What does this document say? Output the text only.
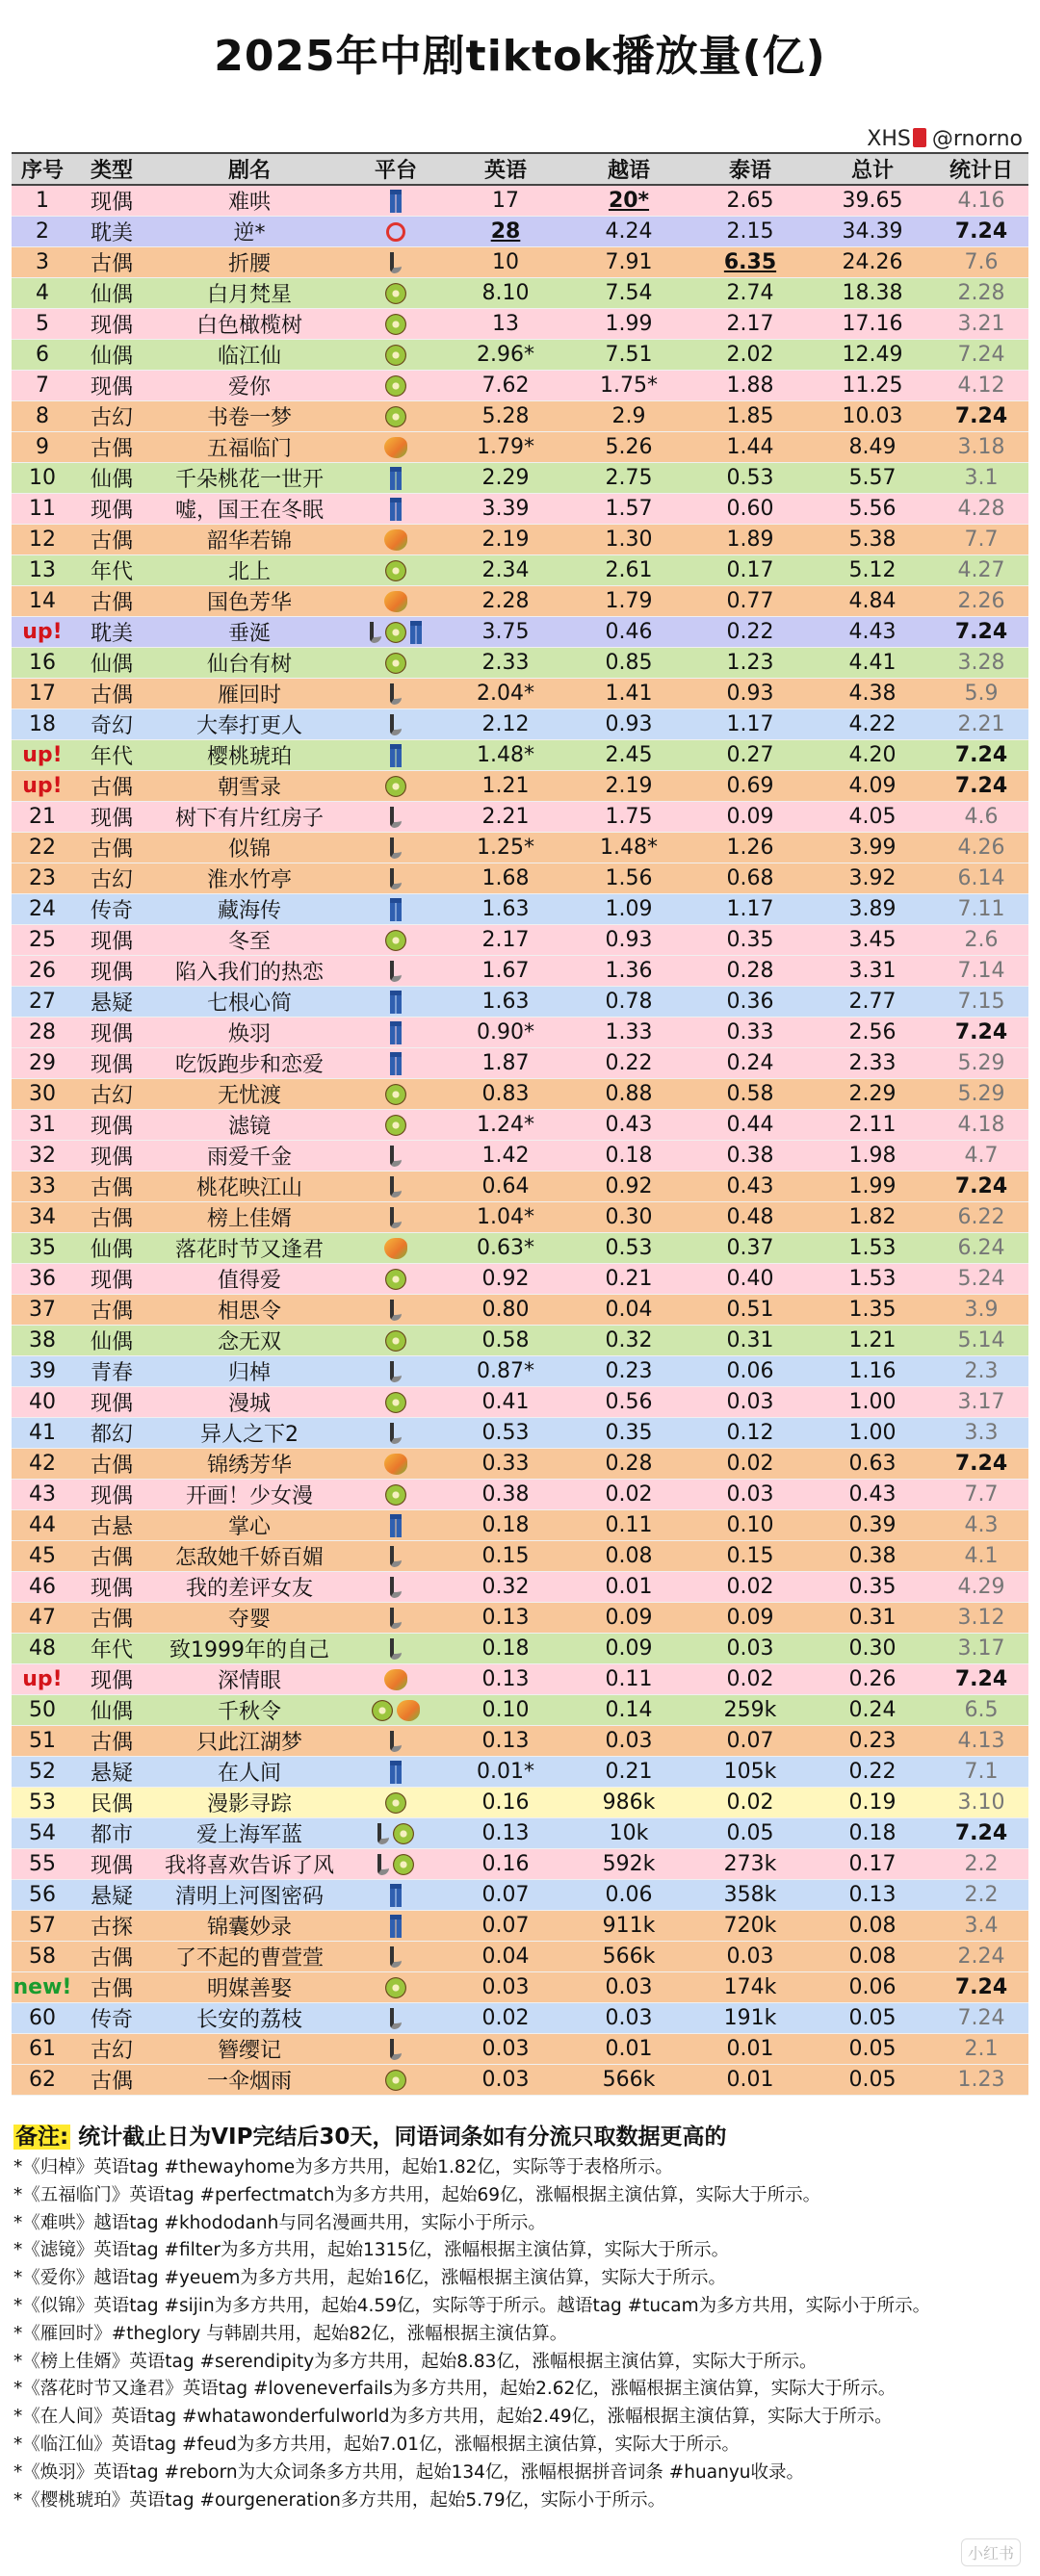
2025年中剧tiktok播放量(亿)
XHS @rnorno
序号	类型	剧名	平台	英语	越语	泰语	总计	统计日
1	现偶	难哄		17	20*	2.65	39.65	4.16
2	耽美	逆*		28	4.24	2.15	34.39	7.24
3	古偶	折腰		10	7.91	6.35	24.26	7.6
4	仙偶	白月梵星		8.10	7.54	2.74	18.38	2.28
5	现偶	白色橄榄树		13	1.99	2.17	17.16	3.21
6	仙偶	临江仙		2.96*	7.51	2.02	12.49	7.24
7	现偶	爱你		7.62	1.75*	1.88	11.25	4.12
8	古幻	书卷一梦		5.28	2.9	1.85	10.03	7.24
9	古偶	五福临门		1.79*	5.26	1.44	8.49	3.18
10	仙偶	千朵桃花一世开		2.29	2.75	0.53	5.57	3.1
11	现偶	嘘，国王在冬眠		3.39	1.57	0.60	5.56	4.28
12	古偶	韶华若锦		2.19	1.30	1.89	5.38	7.7
13	年代	北上		2.34	2.61	0.17	5.12	4.27
14	古偶	国色芳华		2.28	1.79	0.77	4.84	2.26
up!	耽美	垂涎		3.75	0.46	0.22	4.43	7.24
16	仙偶	仙台有树		2.33	0.85	1.23	4.41	3.28
17	古偶	雁回时		2.04*	1.41	0.93	4.38	5.9
18	奇幻	大奉打更人		2.12	0.93	1.17	4.22	2.21
up!	年代	樱桃琥珀		1.48*	2.45	0.27	4.20	7.24
up!	古偶	朝雪录		1.21	2.19	0.69	4.09	7.24
21	现偶	树下有片红房子		2.21	1.75	0.09	4.05	4.6
22	古偶	似锦		1.25*	1.48*	1.26	3.99	4.26
23	古幻	淮水竹亭		1.68	1.56	0.68	3.92	6.14
24	传奇	藏海传		1.63	1.09	1.17	3.89	7.11
25	现偶	冬至		2.17	0.93	0.35	3.45	2.6
26	现偶	陷入我们的热恋		1.67	1.36	0.28	3.31	7.14
27	悬疑	七根心简		1.63	0.78	0.36	2.77	7.15
28	现偶	焕羽		0.90*	1.33	0.33	2.56	7.24
29	现偶	吃饭跑步和恋爱		1.87	0.22	0.24	2.33	5.29
30	古幻	无忧渡		0.83	0.88	0.58	2.29	5.29
31	现偶	滤镜		1.24*	0.43	0.44	2.11	4.18
32	现偶	雨爱千金		1.42	0.18	0.38	1.98	4.7
33	古偶	桃花映江山		0.64	0.92	0.43	1.99	7.24
34	古偶	榜上佳婿		1.04*	0.30	0.48	1.82	6.22
35	仙偶	落花时节又逢君		0.63*	0.53	0.37	1.53	6.24
36	现偶	值得爱		0.92	0.21	0.40	1.53	5.24
37	古偶	相思令		0.80	0.04	0.51	1.35	3.9
38	仙偶	念无双		0.58	0.32	0.31	1.21	5.14
39	青春	归棹		0.87*	0.23	0.06	1.16	2.3
40	现偶	漫城		0.41	0.56	0.03	1.00	3.17
41	都幻	异人之下2		0.53	0.35	0.12	1.00	3.3
42	古偶	锦绣芳华		0.33	0.28	0.02	0.63	7.24
43	现偶	开画！少女漫		0.38	0.02	0.03	0.43	7.7
44	古悬	掌心		0.18	0.11	0.10	0.39	4.3
45	古偶	怎敌她千娇百媚		0.15	0.08	0.15	0.38	4.1
46	现偶	我的差评女友		0.32	0.01	0.02	0.35	4.29
47	古偶	夺婴		0.13	0.09	0.09	0.31	3.12
48	年代	致1999年的自己		0.18	0.09	0.03	0.30	3.17
up!	现偶	深情眼		0.13	0.11	0.02	0.26	7.24
50	仙偶	千秋令		0.10	0.14	259k	0.24	6.5
51	古偶	只此江湖梦		0.13	0.03	0.07	0.23	4.13
52	悬疑	在人间		0.01*	0.21	105k	0.22	7.1
53	民偶	漫影寻踪		0.16	986k	0.02	0.19	3.10
54	都市	爱上海军蓝		0.13	10k	0.05	0.18	7.24
55	现偶	我将喜欢告诉了风		0.16	592k	273k	0.17	2.2
56	悬疑	清明上河图密码		0.07	0.06	358k	0.13	2.2
57	古探	锦囊妙录		0.07	911k	720k	0.08	3.4
58	古偶	了不起的曹萱萱		0.04	566k	0.03	0.08	2.24
new!	古偶	明媒善娶		0.03	0.03	174k	0.06	7.24
60	传奇	长安的荔枝		0.02	0.03	191k	0.05	7.24
61	古幻	簪缨记		0.03	0.01	0.01	0.05	2.1
62	古偶	一伞烟雨		0.03	566k	0.01	0.05	1.23
备注: 统计截止日为VIP完结后30天，同语词条如有分流只取数据更高的
*《归棹》英语tag #thewayhome为多方共用，起始1.82亿，实际等于表格所示。
*《五福临门》英语tag #perfectmatch为多方共用，起始69亿，涨幅根据主演估算，实际大于所示。
*《难哄》越语tag #khododanh与同名漫画共用，实际小于所示。
*《滤镜》英语tag #filter为多方共用，起始1315亿，涨幅根据主演估算，实际大于所示。
*《爱你》越语tag #yeuem为多方共用，起始16亿，涨幅根据主演估算，实际大于所示。
*《似锦》英语tag #sijin为多方共用，起始4.59亿，实际等于所示。越语tag #tucam为多方共用，实际小于所示。
*《雁回时》#theglory 与韩剧共用，起始82亿，涨幅根据主演估算。
*《榜上佳婿》英语tag #serendipity为多方共用，起始8.83亿，涨幅根据主演估算，实际大于所示。
*《落花时节又逢君》英语tag #loveneverfails为多方共用，起始2.62亿，涨幅根据主演估算，实际大于所示。
*《在人间》英语tag #whatawonderfulworld为多方共用，起始2.49亿，涨幅根据主演估算，实际大于所示。
*《临江仙》英语tag #feud为多方共用，起始7.01亿，涨幅根据主演估算，实际大于所示。
*《焕羽》英语tag #reborn为大众词条多方共用，起始134亿，涨幅根据拼音词条 #huanyu收录。
*《樱桃琥珀》英语tag #ourgeneration多方共用，起始5.79亿，实际小于所示。
小红书
